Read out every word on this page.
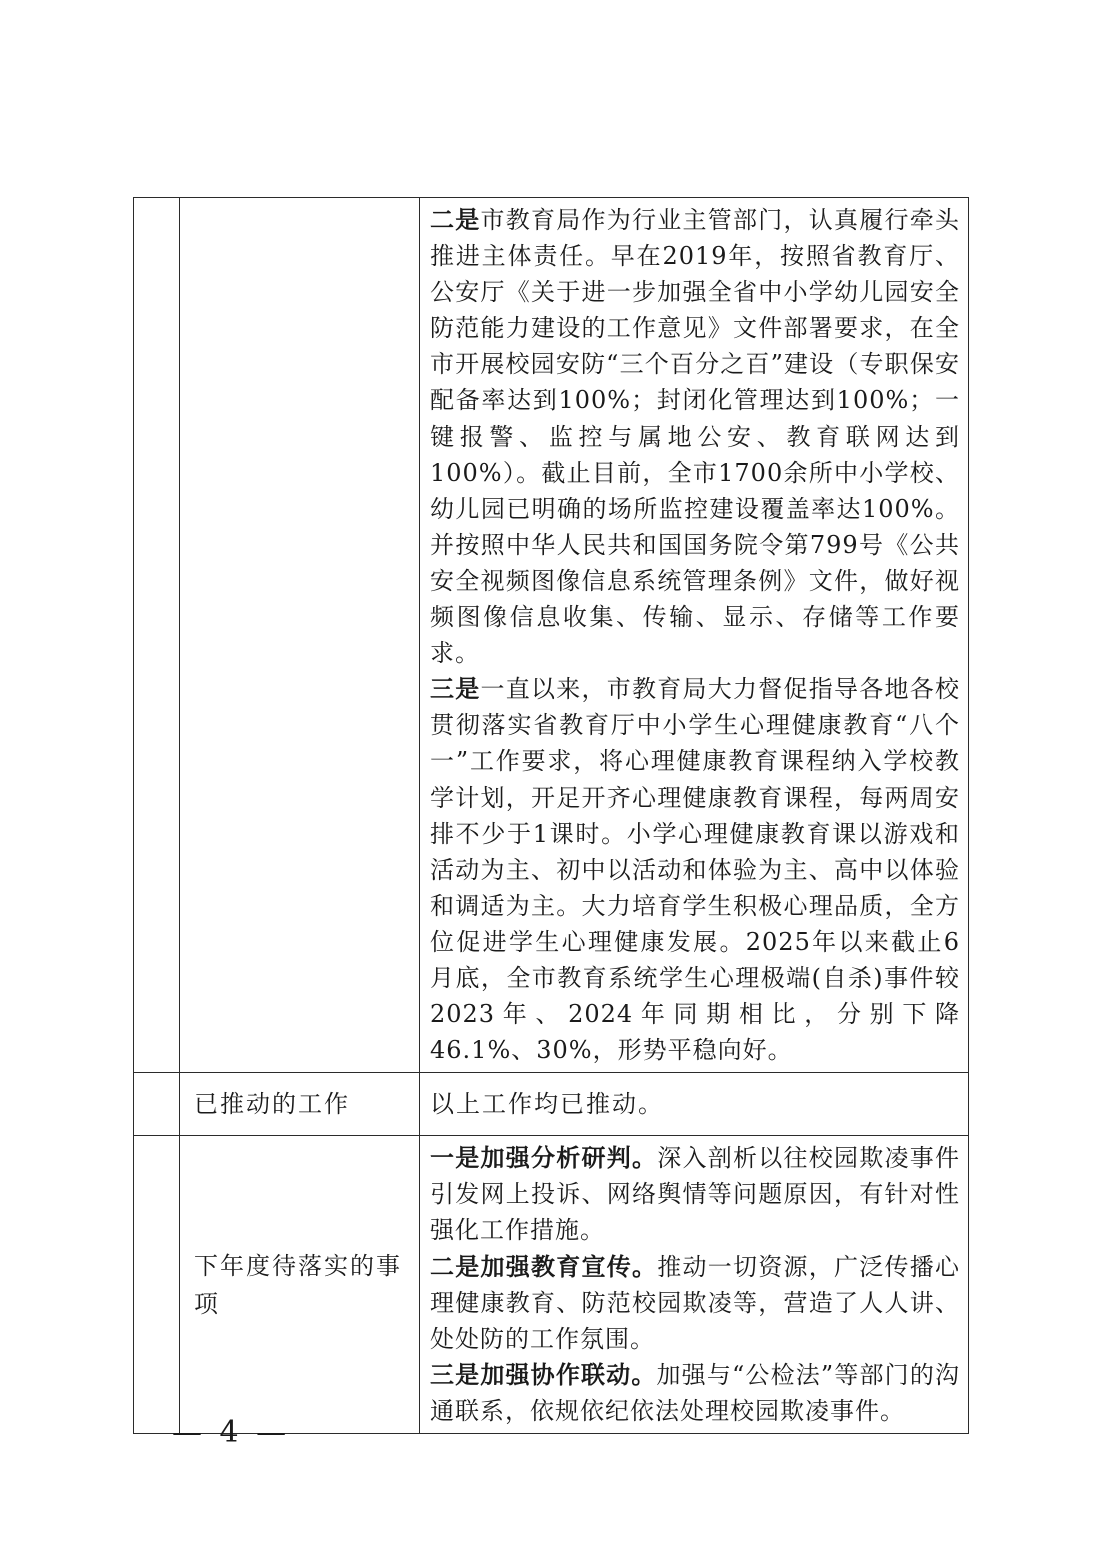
		二是市教育局作为行业主管部门，认真履行牵头推进主体责任。早在2019年，按照省教育厅、公安厅《关于进一步加强全省中小学幼儿园安全防范能力建设的工作意见》文件部署要求，在全市开展校园安防“三个百分之百”建设（专职保安配备率达到100%；封闭化管理达到100%；一键报警、监控与属地公安、教育联网达到100%）。截止目前，全市1700余所中小学校、幼儿园已明确的场所监控建设覆盖率达100%。并按照中华人民共和国国务院令第799号《公共安全视频图像信息系统管理条例》文件，做好视频图像信息收集、传输、显示、存储等工作要求。

三是一直以来，市教育局大力督促指导各地各校贯彻落实省教育厅中小学生心理健康教育“八个一”工作要求，将心理健康教育课程纳入学校教学计划，开足开齐心理健康教育课程，每两周安排不少于1课时。小学心理健康教育课以游戏和活动为主、初中以活动和体验为主、高中以体验和调适为主。大力培育学生积极心理品质，全方位促进学生心理健康发展。2025年以来截止6月底，全市教育系统学生心理极端(自杀)事件较2023年、2024年同期相比，分别下降46.1%、30%，形势平稳向好。

	已推动的工作	以上工作均已推动。
	下年度待落实的事项	一是加强分析研判。深入剖析以往校园欺凌事件引发网上投诉、网络舆情等问题原因，有针对性强化工作措施。

二是加强教育宣传。推动一切资源，广泛传播心理健康教育、防范校园欺凌等，营造了人人讲、处处防的工作氛围。

三是加强协作联动。加强与“公检法”等部门的沟通联系，依规依纪依法处理校园欺凌事件。

— 4 —
